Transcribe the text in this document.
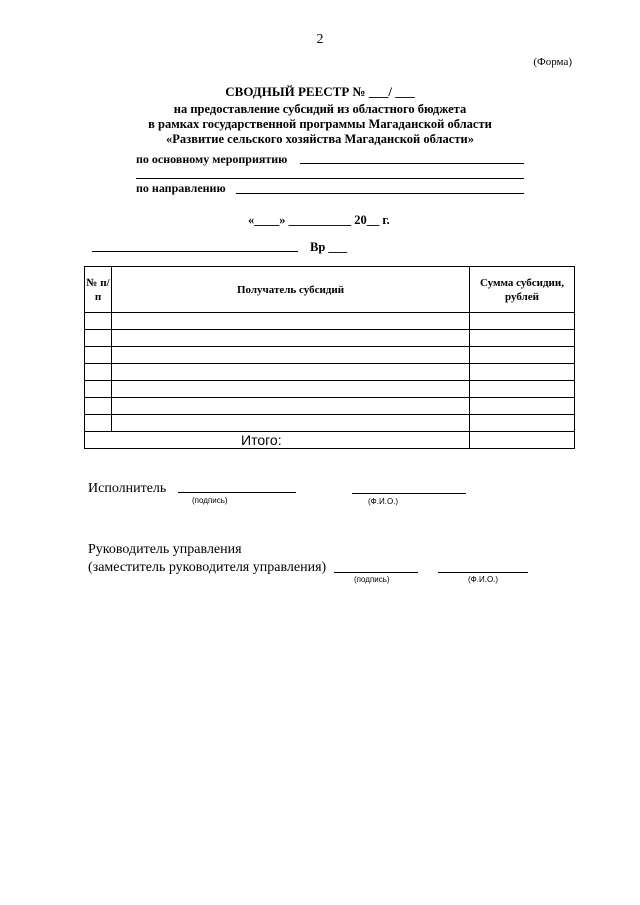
2
(Форма)
СВОДНЫЙ РЕЕСТР № ___/ ___
на предоставление субсидий из областного бюджета
в рамках государственной программы Магаданской области
«Развитие сельского хозяйства Магаданской области»
по основному мероприятию
по направлению
«____» __________ 20__ г.
Вр ___
№ п/п	Получатель субсидий	Сумма субсидии, рублей

Итого:		
Исполнитель
(подпись)	(Ф.И.О.)
Руководитель управления
(заместитель руководителя управления)
(подпись)	(Ф.И.О.)
